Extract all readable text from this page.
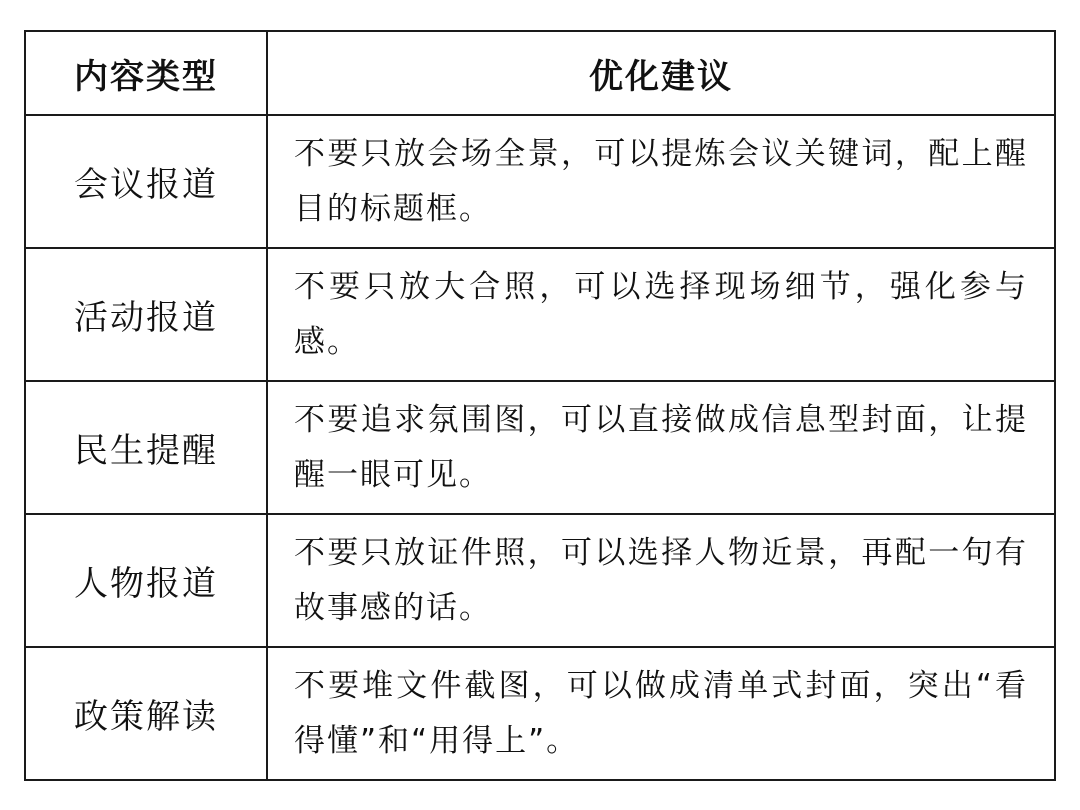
内容类型	优化建议
会议报道	不要只放会场全景，可以提炼会议关键词，配上醒目的标题框。
活动报道	不要只放大合照，可以选择现场细节，强化参与感。
民生提醒	不要追求氛围图，可以直接做成信息型封面，让提醒一眼可见。
人物报道	不要只放证件照，可以选择人物近景，再配一句有故事感的话。
政策解读	不要堆文件截图，可以做成清单式封面，突出“看得懂”和“用得上”。
